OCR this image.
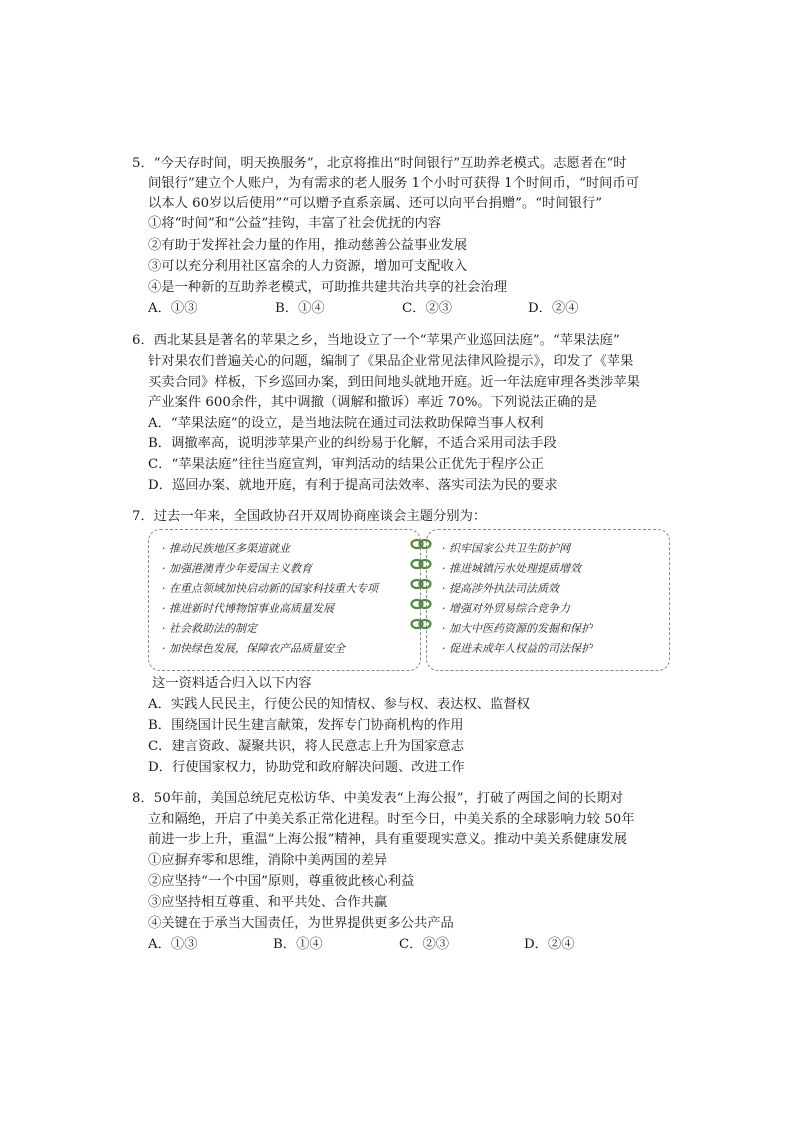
5．“今天存时间，明天换服务”，北京将推出“时间银行”互助养老模式。志愿者在“时
间银行”建立个人账户，为有需求的老人服务 1个小时可获得 1个时间币，“时间币可
以本人 60岁以后使用”“可以赠予直系亲属、还可以向平台捐赠”。“时间银行”
①将“时间”和“公益”挂钩，丰富了社会优抚的内容
②有助于发挥社会力量的作用，推动慈善公益事业发展
③可以充分利用社区富余的人力资源，增加可支配收入
④是一种新的互助养老模式，可助推共建共治共享的社会治理
A．①③	B．①④	C．②③	D．②④
6．西北某县是著名的苹果之乡，当地设立了一个“苹果产业巡回法庭”。“苹果法庭”
针对果农们普遍关心的问题，编制了《果品企业常见法律风险提示》，印发了《苹果
买卖合同》样板，下乡巡回办案，到田间地头就地开庭。近一年法庭审理各类涉苹果
产业案件 600余件，其中调撤（调解和撤诉）率近 70%。下列说法正确的是
A．“苹果法庭”的设立，是当地法院在通过司法救助保障当事人权利
B．调撤率高，说明涉苹果产业的纠纷易于化解，不适合采用司法手段
C．“苹果法庭”往往当庭宣判，审判活动的结果公正优先于程序公正
D．巡回办案、就地开庭，有利于提高司法效率、落实司法为民的要求
7．过去一年来，全国政协召开双周协商座谈会主题分别为：
· 推动民族地区多渠道就业
· 加强港澳青少年爱国主义教育
· 在重点领域加快启动新的国家科技重大专项
· 推进新时代博物馆事业高质量发展
· 社会救助法的制定
· 加快绿色发展，保障农产品质量安全
· 织牢国家公共卫生防护网
· 推进城镇污水处理提质增效
· 提高涉外执法司法质效
· 增强对外贸易综合竞争力
· 加大中医药资源的发掘和保护
· 促进未成年人权益的司法保护
这一资料适合归入以下内容
A．实践人民民主，行使公民的知情权、参与权、表达权、监督权
B．围绕国计民生建言献策，发挥专门协商机构的作用
C．建言资政、凝聚共识，将人民意志上升为国家意志
D．行使国家权力，协助党和政府解决问题、改进工作
8．50年前，美国总统尼克松访华、中美发表“上海公报”，打破了两国之间的长期对
立和隔绝，开启了中美关系正常化进程。时至今日，中美关系的全球影响力较 50年
前进一步上升，重温“上海公报”精神，具有重要现实意义。推动中美关系健康发展
①应摒弃零和思维，消除中美两国的差异
②应坚持“一个中国”原则，尊重彼此核心利益
③应坚持相互尊重、和平共处、合作共赢
④关键在于承当大国责任，为世界提供更多公共产品
A．①③	B．①④	C．②③	D．②④
